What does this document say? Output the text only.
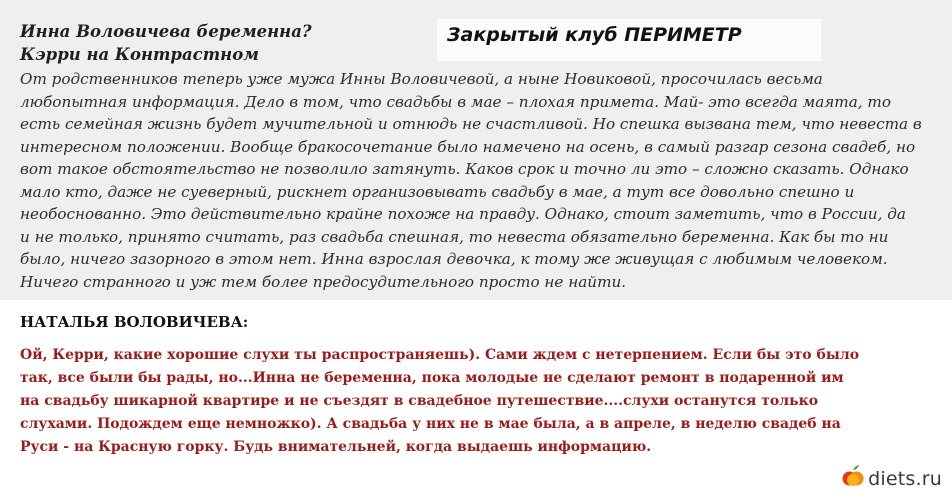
Инна Воловичева беременна?

Кэрри на Контрастном

Закрытый клуб ПЕРИМЕТР

От родственников теперь уже мужа Инны Воловичевой, а ныне Новиковой, просочилась весьма

любопытная информация. Дело в том, что свадьбы в мае – плохая примета. Май- это всегда маята, то

есть семейная жизнь будет мучительной и отнюдь не счастливой. Но спешка вызвана тем, что невеста в

интересном положении. Вообще бракосочетание было намечено на осень, в самый разгар сезона свадеб, но

вот такое обстоятельство не позволило затянуть. Каков срок и точно ли это – сложно сказать. Однако

мало кто, даже не суеверный, рискнет организовывать свадьбу в мае, а тут все довольно спешно и

необоснованно. Это действительно крайне похоже на правду. Однако, стоит заметить, что в России, да

и не только, принято считать, раз свадьба спешная, то невеста обязательно беременна. Как бы то ни

было, ничего зазорного в этом нет. Инна взрослая девочка, к тому же живущая с любимым человеком.

Ничего странного и уж тем более предосудительного просто не найти.

НАТАЛЬЯ ВОЛОВИЧЕВА:

Ой, Керри, какие хорошие слухи ты распространяешь). Сами ждем с нетерпением. Если бы это было

так, все были бы рады, но...Инна не беременна, пока молодые не сделают ремонт в подаренной им

на свадьбу шикарной квартире и не съездят в свадебное путешествие....слухи останутся только

слухами. Подождем еще немножко). А свадьба у них не в мае была, а в апреле, в неделю свадеб на

Руси - на Красную горку. Будь внимательней, когда выдаешь информацию.

diets.ru
